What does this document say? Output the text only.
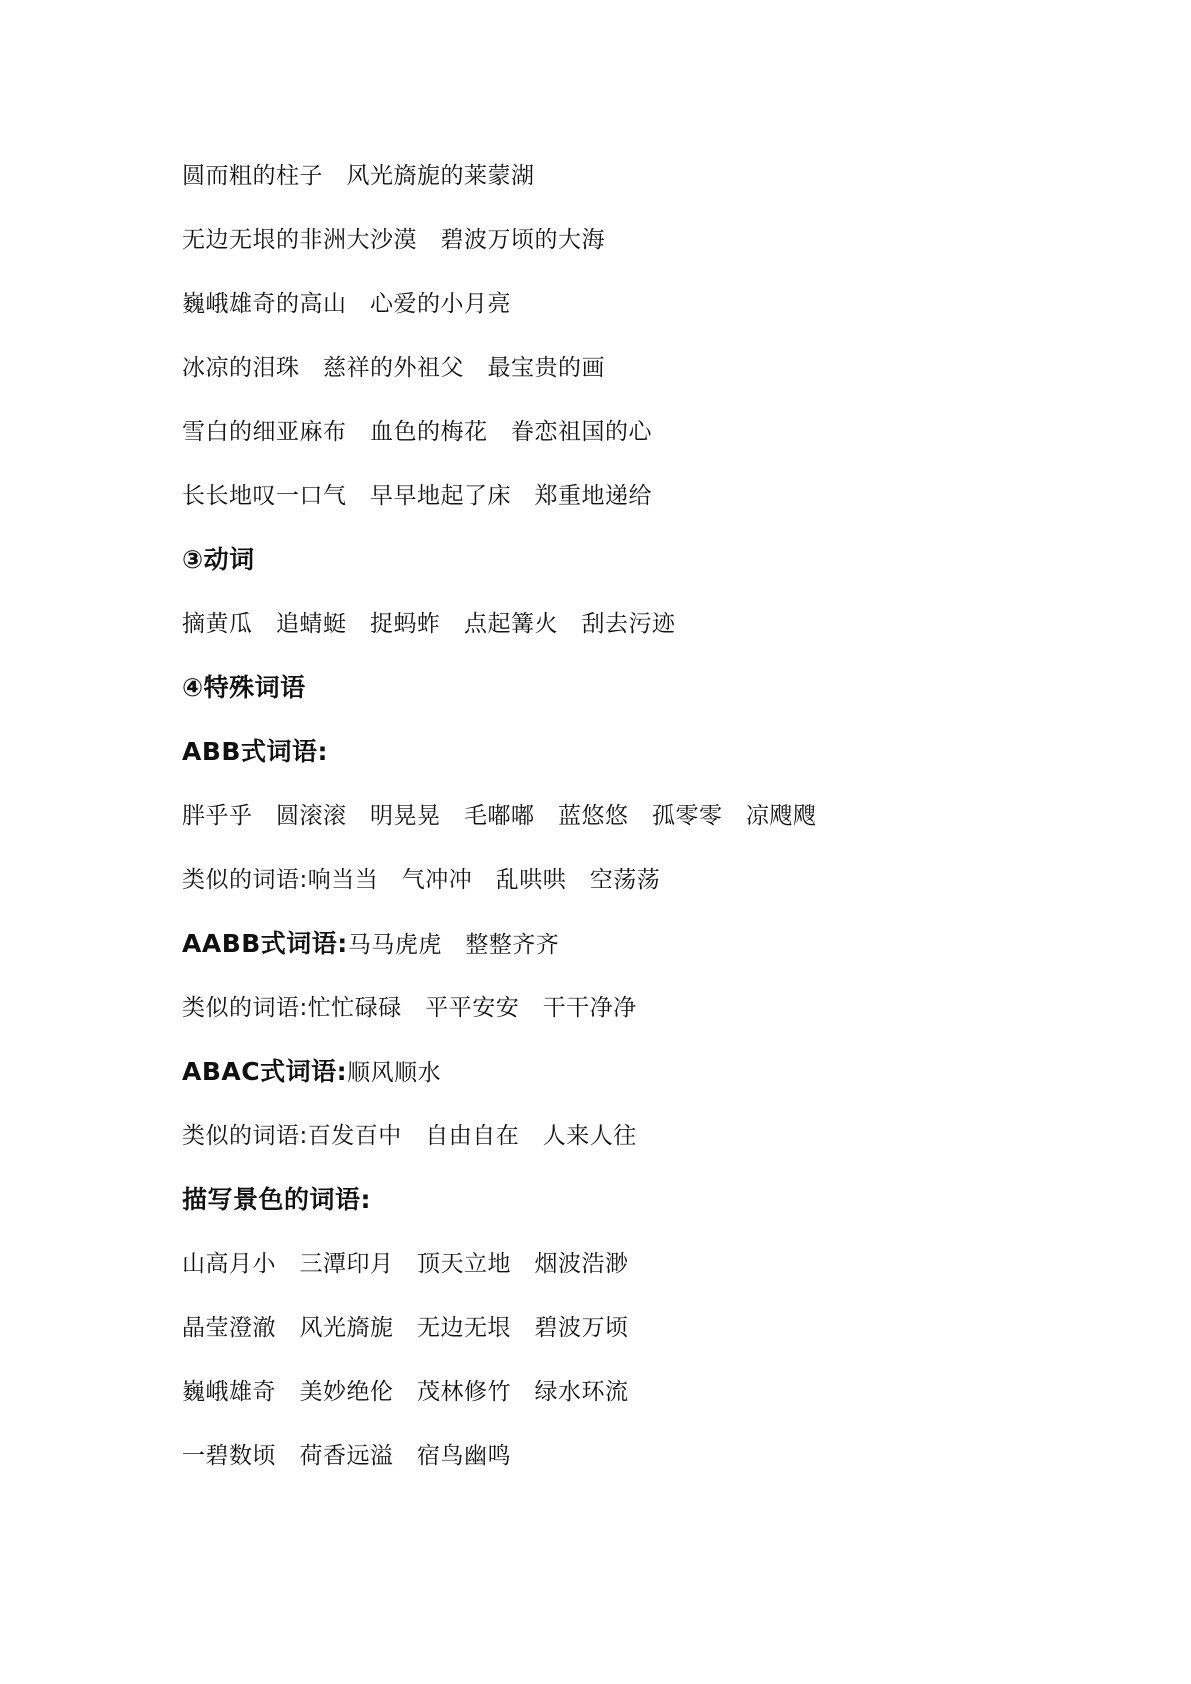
圆而粗的柱子　风光旖旎的莱蒙湖
无边无垠的非洲大沙漠　碧波万顷的大海
巍峨雄奇的高山　心爱的小月亮
冰凉的泪珠　慈祥的外祖父　最宝贵的画
雪白的细亚麻布　血色的梅花　眷恋祖国的心
长长地叹一口气　早早地起了床　郑重地递给
③动词
摘黄瓜　追蜻蜓　捉蚂蚱　点起篝火　刮去污迹
④特殊词语
ABB式词语:
胖乎乎　圆滚滚　明晃晃　毛嘟嘟　蓝悠悠　孤零零　凉飕飕
类似的词语:响当当　气冲冲　乱哄哄　空荡荡
AABB式词语:马马虎虎　整整齐齐
类似的词语:忙忙碌碌　平平安安　干干净净
ABAC式词语:顺风顺水
类似的词语:百发百中　自由自在　人来人往
描写景色的词语:
山高月小　三潭印月　顶天立地　烟波浩渺
晶莹澄澈　风光旖旎　无边无垠　碧波万顷
巍峨雄奇　美妙绝伦　茂林修竹　绿水环流
一碧数顷　荷香远溢　宿鸟幽鸣
